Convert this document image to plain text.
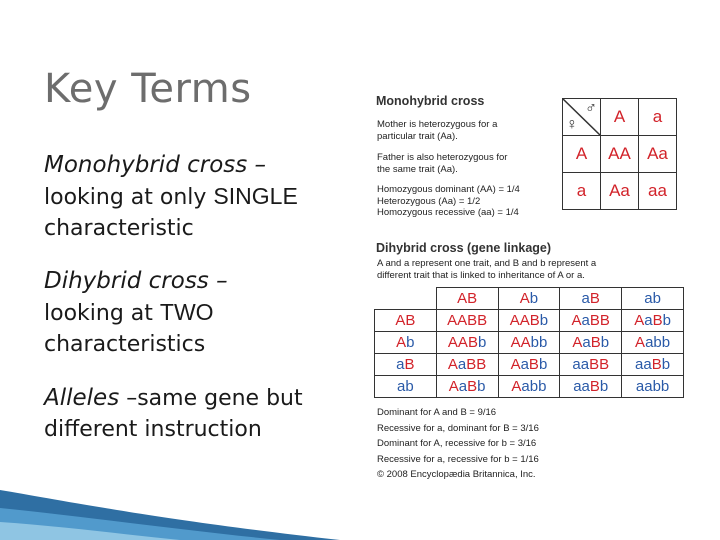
Key Terms
Monohybrid cross –
looking at only SINGLE
characteristic
Dihybrid cross –
looking at TWO
characteristics
Alleles –same gene but
different instruction
Monohybrid cross
Mother is heterozygous for a
particular trait (Aa).
Father is also heterozygous for
the same trait (Aa).
Homozygous dominant (AA) = 1/4
Heterozygous (Aa) = 1/2
Homozygous recessive (aa) = 1/4
♂
♀	A	a
A	AA	Aa
a	Aa	aa
Dihybrid cross (gene linkage)
A and a represent one trait, and B and b represent a
different trait that is linked to inheritance of A or a.
	AB	Ab	aB	ab
AB	AABB	AABb	AaBB	AaBb
Ab	AABb	AAbb	AaBb	Aabb
aB	AaBB	AaBb	aaBB	aaBb
ab	AaBb	Aabb	aaBb	aabb
Dominant for A and B = 9/16
Recessive for a, dominant for B = 3/16
Dominant for A, recessive for b = 3/16
Recessive for a, recessive for b = 1/16
© 2008 Encyclopædia Britannica, Inc.
